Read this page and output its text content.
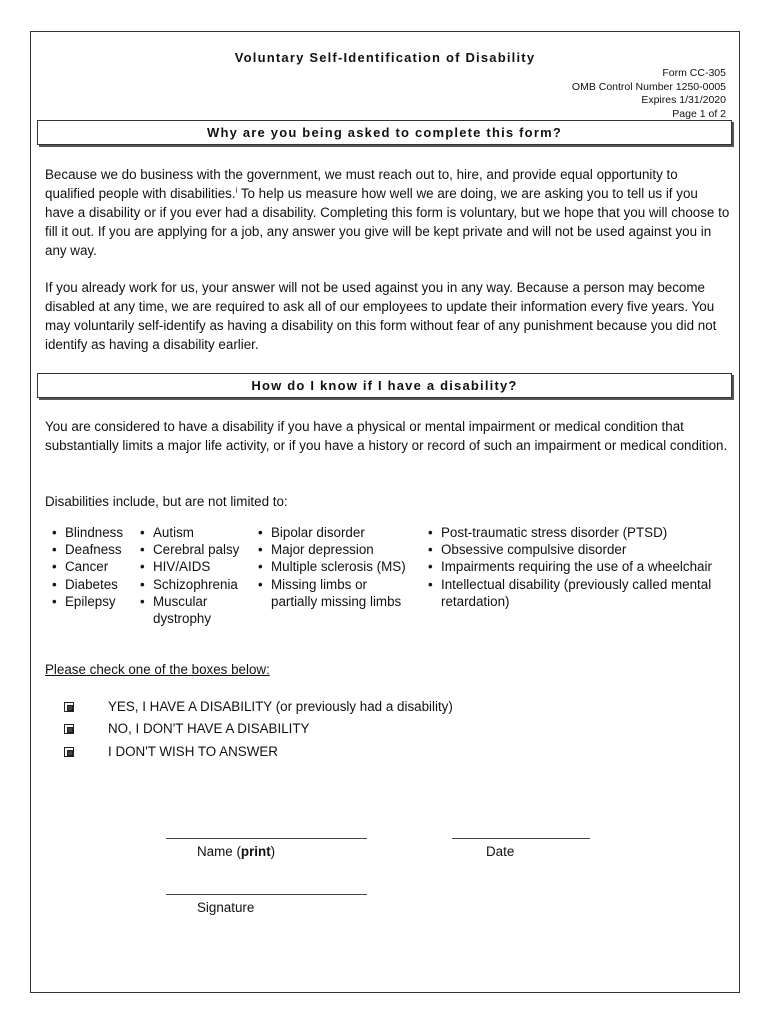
Voluntary Self-Identification of Disability
Form CC-305
OMB Control Number 1250-0005
Expires 1/31/2020
Page 1 of 2
Why are you being asked to complete this form?

Because we do business with the government, we must reach out to, hire, and provide equal opportunity to qualified people with disabilities.$^i$ To help us measure how well we are doing, we are asking you to tell us if you have a disability or if you ever had a disability. Completing this form is voluntary, but we hope that you will choose to fill it out. If you are applying for a job, any answer you give will be kept private and will not be used against you in any way.

If you already work for us, your answer will not be used against you in any way. Because a person may become disabled at any time, we are required to ask all of our employees to update their information every five years. You may voluntarily self-identify as having a disability on this form without fear of any punishment because you did not identify as having a disability earlier.

How do I know if I have a disability?

You are considered to have a disability if you have a physical or mental impairment or medical condition that substantially limits a major life activity, or if you have a history or record of such an impairment or medical condition.

Disabilities include, but are not limited to:

• Blindness
• Deafness
• Cancer
• Diabetes
• Epilepsy
• Autism
• Cerebral palsy
• HIV/AIDS
• Schizophrenia
• Muscular dystrophy
• Bipolar disorder
• Major depression
• Multiple sclerosis (MS)
• Missing limbs or partially missing limbs
• Post-traumatic stress disorder (PTSD)
• Obsessive compulsive disorder
• Impairments requiring the use of a wheelchair
• Intellectual disability (previously called mental retardation)
Please check one of the boxes below:
YES, I HAVE A DISABILITY (or previously had a disability)
NO, I DON'T HAVE A DISABILITY
I DON'T WISH TO ANSWER
Name (print)	Date
Signature
